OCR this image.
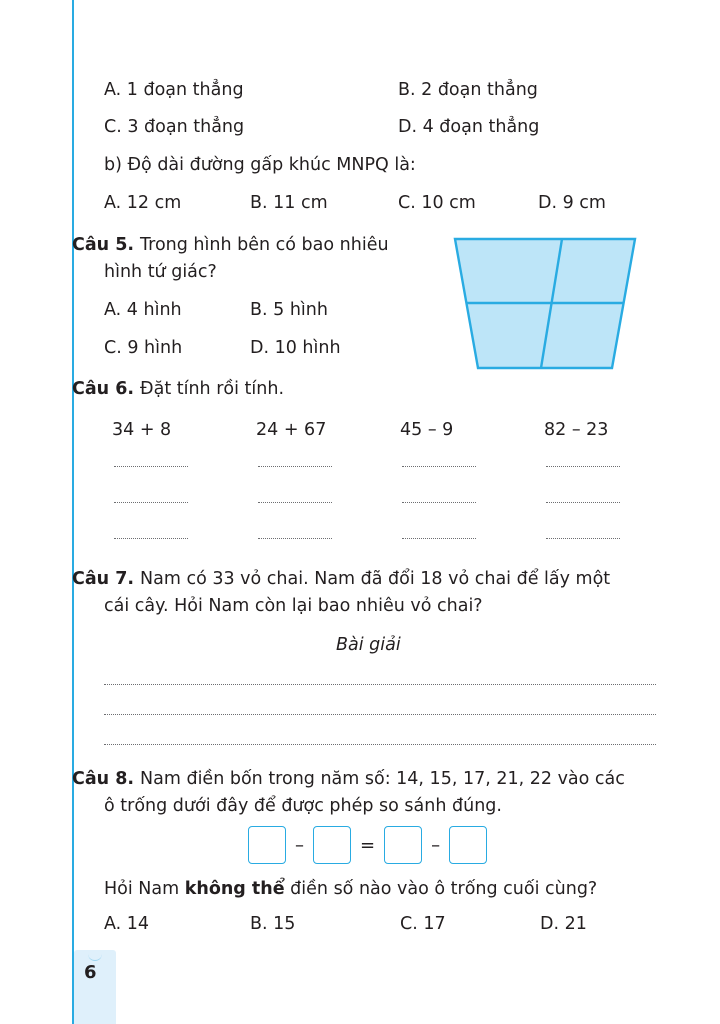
A. 1 đoạn thẳng	B. 2 đoạn thẳng
C. 3 đoạn thẳng	D. 4 đoạn thẳng
b) Độ dài đường gấp khúc MNPQ là:
A. 12 cm	B. 11 cm	C. 10 cm	D. 9 cm
Câu 5. Trong hình bên có bao nhiêu
hình tứ giác?
A. 4 hình	B. 5 hình
C. 9 hình	D. 10 hình
Câu 6. Đặt tính rồi tính.
34 + 8	24 + 67	45 – 9	82 – 23
Câu 7. Nam có 33 vỏ chai. Nam đã đổi 18 vỏ chai để lấy một
cái cây. Hỏi Nam còn lại bao nhiêu vỏ chai?
Bài giải
Câu 8. Nam điền bốn trong năm số: 14, 15, 17, 21, 22 vào các
ô trống dưới đây để được phép so sánh đúng.
–	=	–
Hỏi Nam không thể điền số nào vào ô trống cuối cùng?
A. 14	B. 15	C. 17	D. 21
6
